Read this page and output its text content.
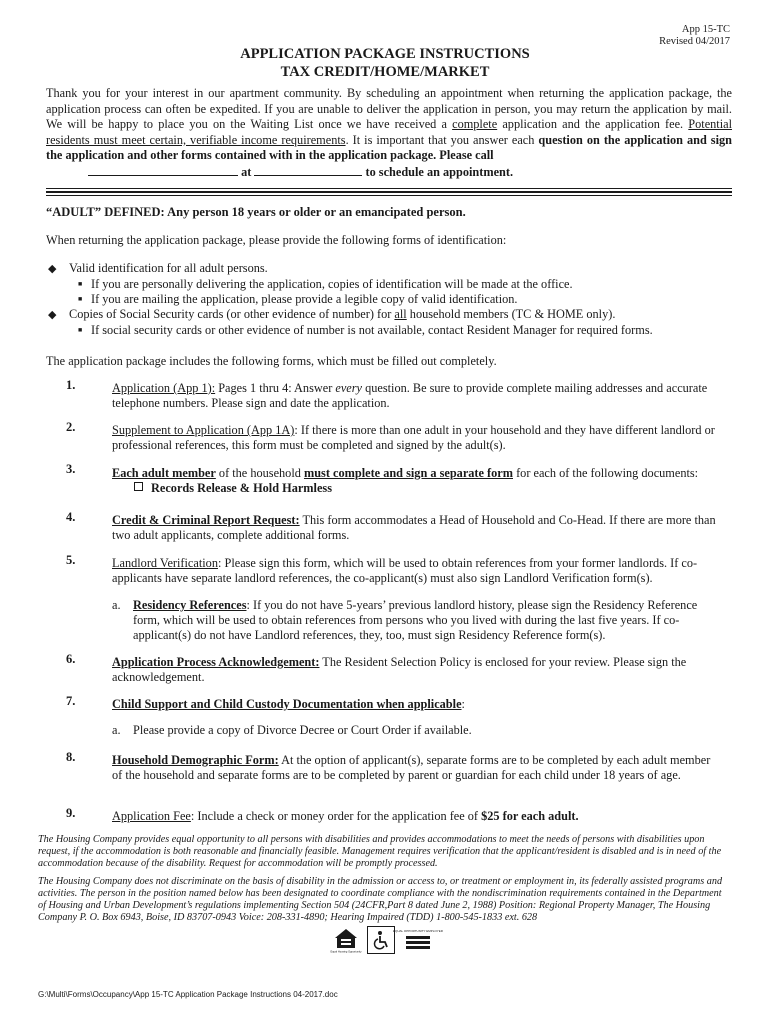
App 15-TC
Revised 04/2017
APPLICATION PACKAGE INSTRUCTIONS
TAX CREDIT/HOME/MARKET
Thank you for your interest in our apartment community. By scheduling an appointment when returning the application package, the application process can often be expedited. If you are unable to deliver the application in person, you may return the application by mail. We will be happy to place you on the Waiting List once we have received a complete application and the application fee. Potential residents must meet certain, verifiable income requirements. It is important that you answer each question on the application and sign the application and other forms contained with in the application package. Please call
at	to schedule an appointment.
“ADULT” DEFINED: Any person 18 years or older or an emancipated person.
When returning the application package, please provide the following forms of identification:
◆ Valid identification for all adult persons.
■ If you are personally delivering the application, copies of identification will be made at the office.
■ If you are mailing the application, please provide a legible copy of valid identification.
◆ Copies of Social Security cards (or other evidence of number) for all household members (TC & HOME only).
■ If social security cards or other evidence of number is not available, contact Resident Manager for required forms.
The application package includes the following forms, which must be filled out completely.
1.	Application (App 1): Pages 1 thru 4: Answer every question. Be sure to provide complete mailing addresses and accurate telephone numbers. Please sign and date the application.
2.	Supplement to Application (App 1A): If there is more than one adult in your household and they have different landlord or professional references, this form must be completed and signed by the adult(s).
3.	Each adult member of the household must complete and sign a separate form for each of the following documents:
Records Release & Hold Harmless
4.	Credit & Criminal Report Request: This form accommodates a Head of Household and Co-Head. If there are more than two adult applicants, complete additional forms.
5.	Landlord Verification: Please sign this form, which will be used to obtain references from your former landlords. If co-applicants have separate landlord references, the co-applicant(s) must also sign Landlord Verification form(s).
a.	Residency References: If you do not have 5-years’ previous landlord history, please sign the Residency Reference form, which will be used to obtain references from persons who you lived with during the last five years. If co-applicant(s) do not have Landlord references, they, too, must sign Residency Reference form(s).
6.	Application Process Acknowledgement: The Resident Selection Policy is enclosed for your review. Please sign the acknowledgement.
7.	Child Support and Child Custody Documentation when applicable:
a.	Please provide a copy of Divorce Decree or Court Order if available.
8.	Household Demographic Form: At the option of applicant(s), separate forms are to be completed by each adult member of the household and separate forms are to be completed by parent or guardian for each child under 18 years of age.
9.	Application Fee: Include a check or money order for the application fee of $25 for each adult.
The Housing Company provides equal opportunity to all persons with disabilities and provides accommodations to meet the needs of persons with disabilities upon request, if the accommodation is both reasonable and financially feasible. Management requires verification that the applicant/resident is disabled and is in need of the accommodation because of the disability. Request for accommodation will be promptly processed.
The Housing Company does not discriminate on the basis of disability in the admission or access to, or treatment or employment in, its federally assisted programs and activities. The person in the position named below has been designated to coordinate compliance with the nondiscrimination requirements contained in the Department of Housing and Urban Development’s regulations implementing Section 504 (24CFR,Part 8 dated June 2, 1988) Position: Regional Property Manager, The Housing Company P. O. Box 6943, Boise, ID 83707-0943 Voice: 208-331-4890; Hearing Impaired (TDD) 1-800-545-1833 ext. 628
Equal Housing Opportunity
EQUAL OPPORTUNITY EMPLOYER
G:\Multi\Forms\Occupancy\App 15-TC Application Package Instructions 04-2017.doc
